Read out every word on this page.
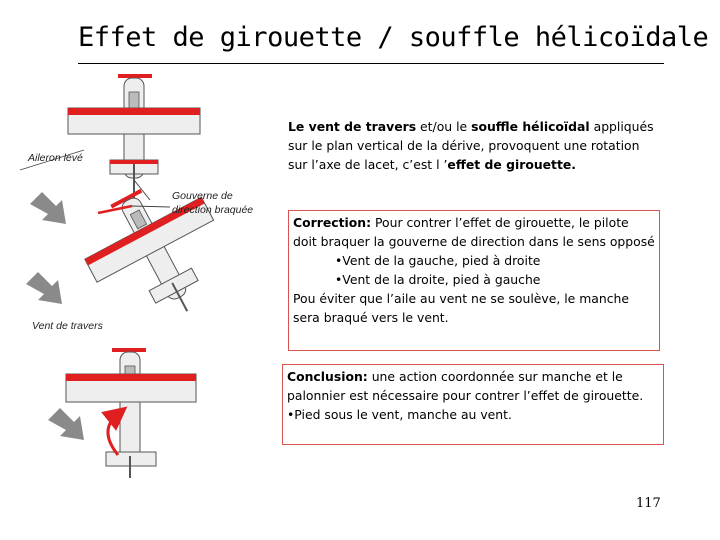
Effet de girouette / souffle hélicoïdale
Aileron levé
Gouverne de
direction braquée
Vent de travers
Le vent de travers et/ou le souffle hélicoïdal appliqués sur le plan vertical de la dérive, provoquent une rotation sur l’axe de lacet, c’est l ’effet de girouette.
Correction: Pour contrer l’effet de girouette, le pilote doit braquer la gouverne de direction dans le sens opposé
•Vent de la gauche, pied à droite
•Vent de la droite, pied à gauche
Pou éviter que l’aile au vent ne se soulève, le manche sera braqué vers le vent.
Conclusion: une action coordonnée sur manche et le palonnier est nécessaire pour contrer l’effet de girouette.
•Pied sous le vent, manche au vent.
117
